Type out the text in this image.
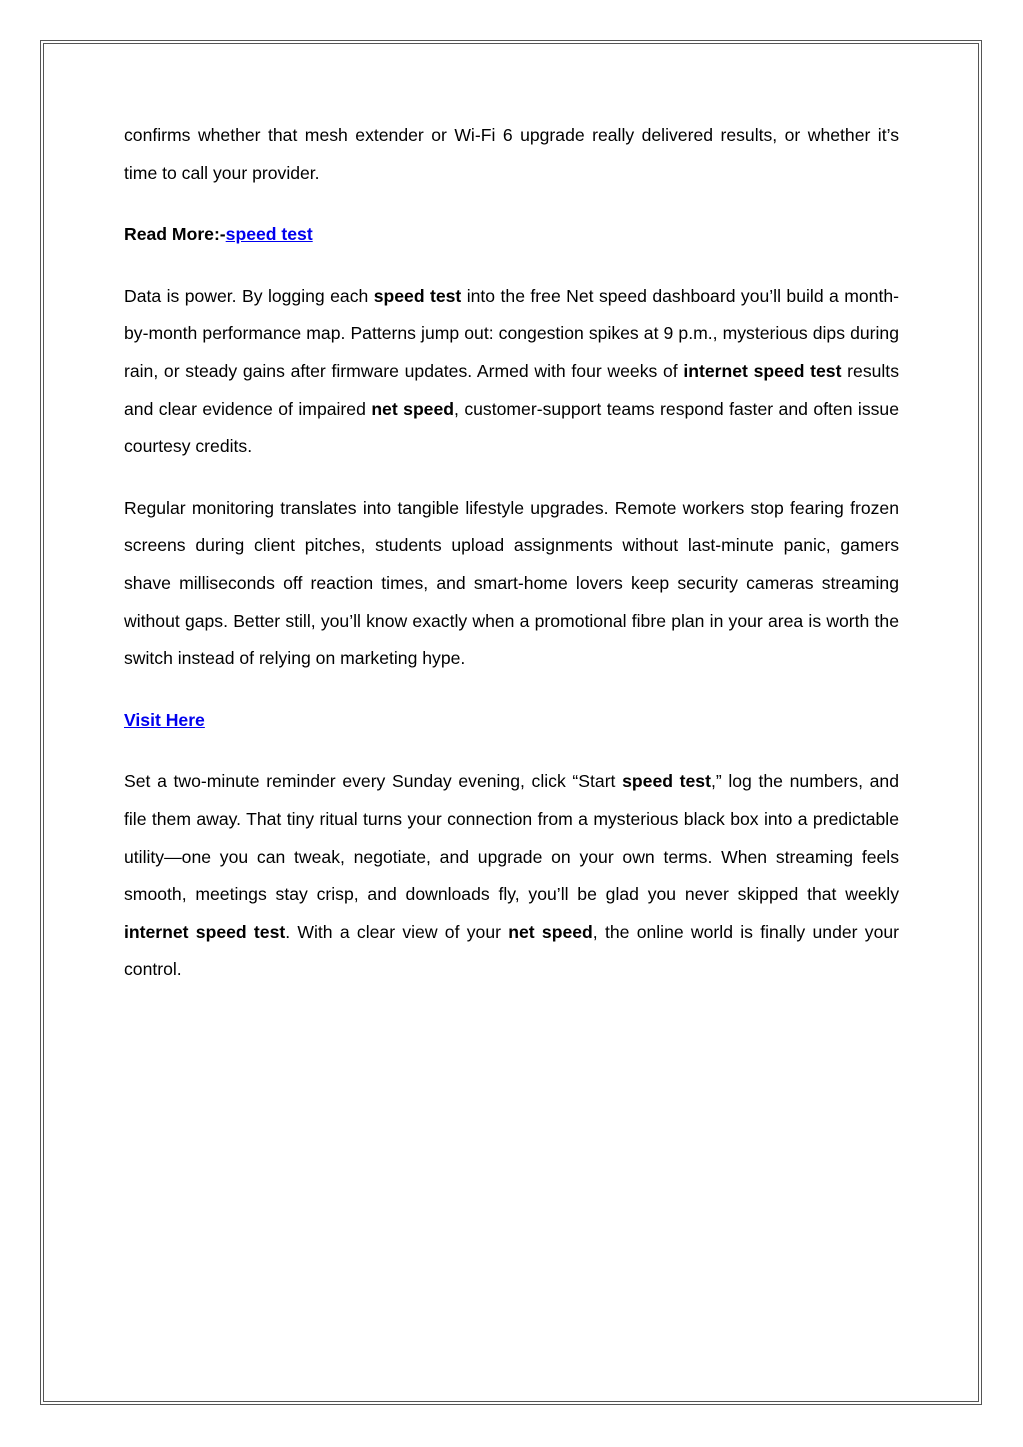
confirms whether that mesh extender or Wi-Fi 6 upgrade really delivered results, or whether it’s time to call your provider.

Read More:-speed test

Data is power. By logging each speed test into the free Net speed dashboard you’ll build a month-by-month performance map. Patterns jump out: congestion spikes at 9 p.m., mysterious dips during rain, or steady gains after firmware updates. Armed with four weeks of internet speed test results and clear evidence of impaired net speed, customer-support teams respond faster and often issue courtesy credits.

Regular monitoring translates into tangible lifestyle upgrades. Remote workers stop fearing frozen screens during client pitches, students upload assignments without last-minute panic, gamers shave milliseconds off reaction times, and smart-home lovers keep security cameras streaming without gaps. Better still, you’ll know exactly when a promotional fibre plan in your area is worth the switch instead of relying on marketing hype.

Visit Here

Set a two-minute reminder every Sunday evening, click “Start speed test,” log the numbers, and file them away. That tiny ritual turns your connection from a mysterious black box into a predictable utility—one you can tweak, negotiate, and upgrade on your own terms. When streaming feels smooth, meetings stay crisp, and downloads fly, you’ll be glad you never skipped that weekly internet speed test. With a clear view of your net speed, the online world is finally under your control.
